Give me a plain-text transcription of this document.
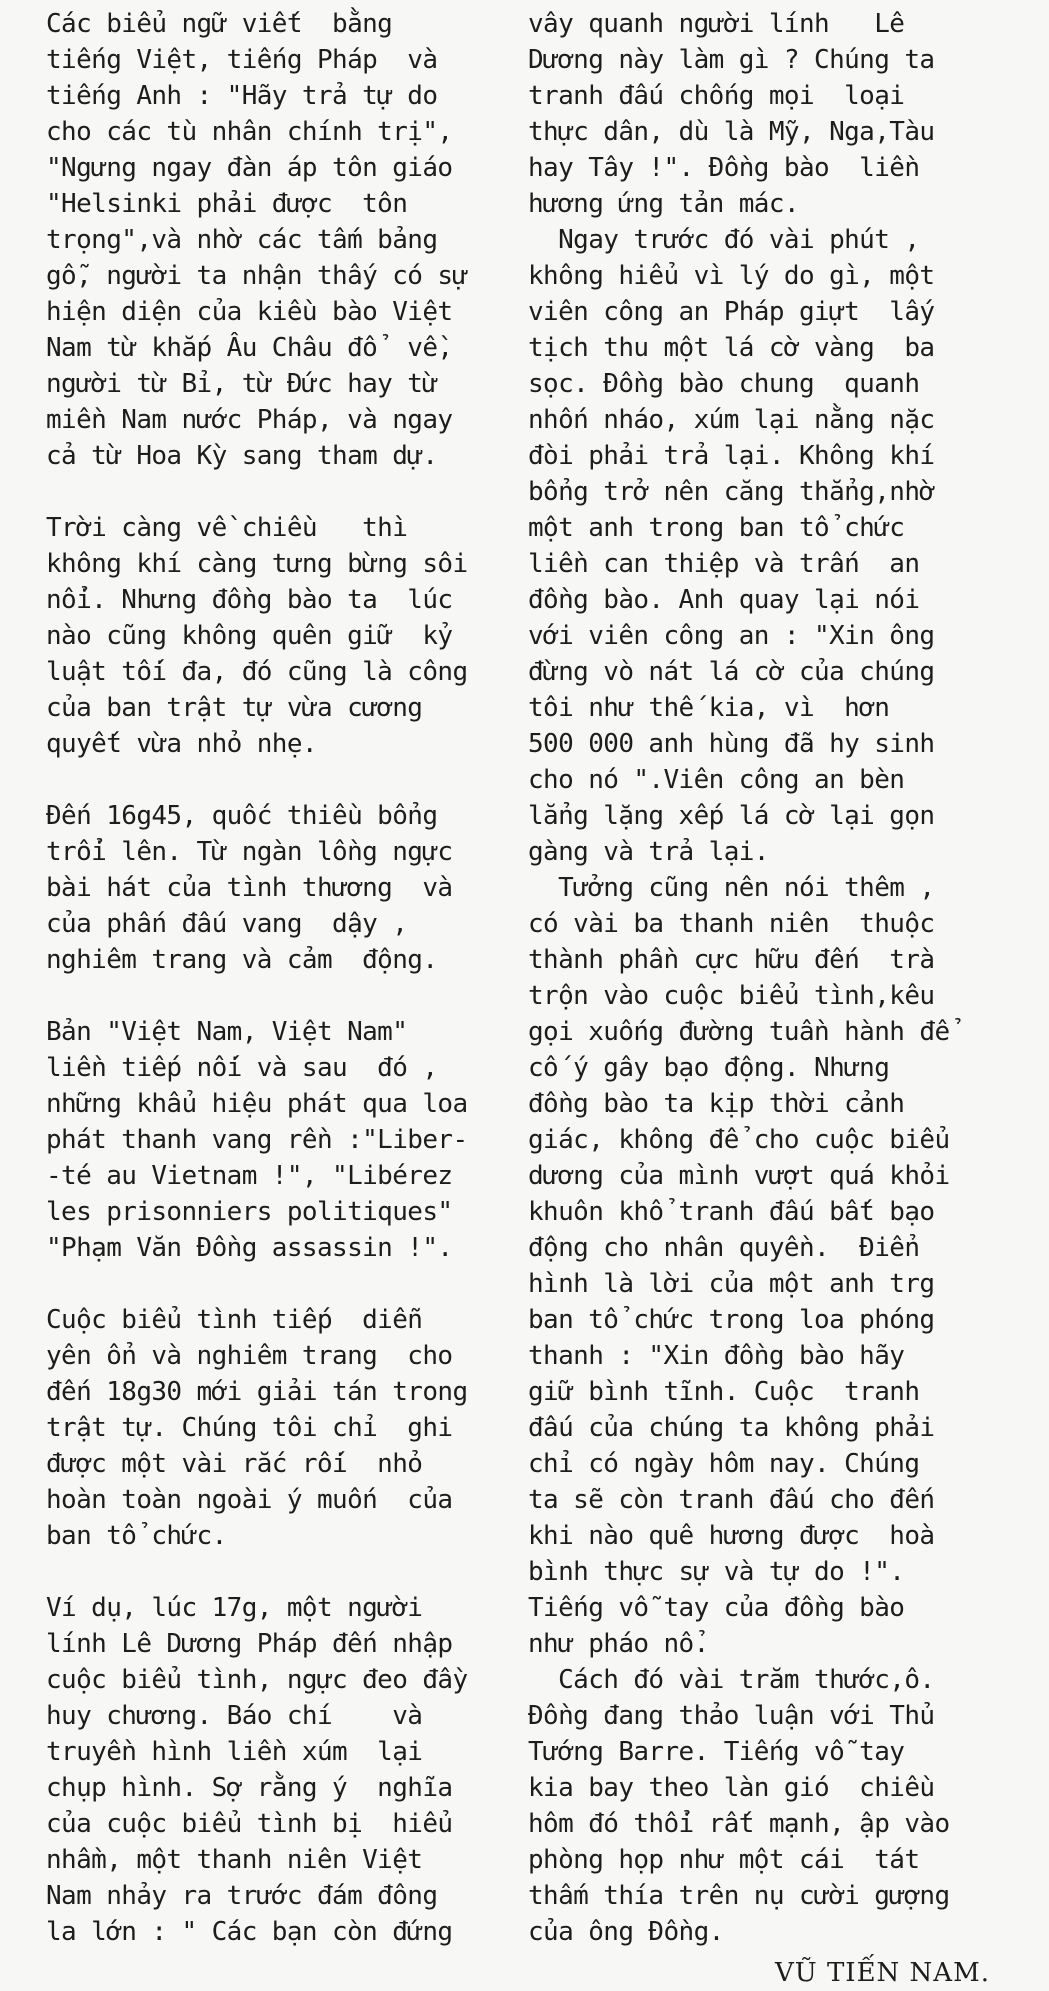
Các biểu ngữ viết  bằng
tiếng Việt, tiếng Pháp  và
tiếng Anh : "Hãy trả tự do
cho các tù nhân chính trị",
"Ngưng ngay đàn áp tôn giáo
"Helsinki phải được  tôn
trọng",và nhờ các tấm bảng
gỗ, người ta nhận thấy có sự
hiện diện của kiều bào Việt
Nam từ khắp Âu Châu đổ  về,
người từ Bỉ, từ Đức hay từ
miền Nam nước Pháp, và ngay
cả từ Hoa Kỳ sang tham dự.
Trời càng về chiều   thì
không khí càng tưng bừng sôi
nổi. Nhưng đồng bào ta  lúc
nào cũng không quên giữ  kỷ
luật tối đa, đó cũng là công
của ban trật tự vừa cương
quyết vừa nhỏ nhẹ.
Đến 16g45, quốc thiều bổng
trổi lên. Từ ngàn lồng ngực
bài hát của tình thương  và
của phấn đấu vang  dậy ,
nghiêm trang và cảm  động.
Bản "Việt Nam, Việt Nam"
liền tiếp nối và sau  đó ,
những khẩu hiệu phát qua loa
phát thanh vang rền :"Liber-
-té au Vietnam !", "Libérez
les prisonniers politiques"
"Phạm Văn Đồng assassin !".
Cuộc biểu tình tiếp  diễn
yên ổn và nghiêm trang  cho
đến 18g30 mới giải tán trong
trật tự. Chúng tôi chỉ  ghi
được một vài rắc rối  nhỏ
hoàn toàn ngoài ý muốn  của
ban tổ chức.
Ví dụ, lúc 17g, một người
lính Lê Dương Pháp đến nhập
cuộc biểu tình, ngực đeo đầy
huy chương. Báo chí    và
truyền hình liền xúm  lại
chụp hình. Sợ rằng ý  nghĩa
của cuộc biểu tình bị  hiểu
nhầm, một thanh niên Việt
Nam nhảy ra trước đám đông
la lớn : " Các bạn còn đứng
vây quanh người lính   Lê
Dương này làm gì ? Chúng ta
tranh đấu chống mọi  loại
thực dân, dù là Mỹ, Nga,Tàu
hay Tây !". Đồng bào  liền
hương ứng tản mác.
Ngay trước đó vài phút ,
không hiểu vì lý do gì, một
viên công an Pháp giựt  lấy
tịch thu một lá cờ vàng  ba
sọc. Đồng bào chung  quanh
nhốn nháo, xúm lại nằng nặc
đòi phải trả lại. Không khí
bổng trở nên căng thẳng,nhờ
một anh trong ban tổ chức
liền can thiệp và trấn  an
đồng bào. Anh quay lại nói
với viên công an : "Xin ông
đừng vò nát lá cờ của chúng
tôi như thế kia, vì  hơn
500 000 anh hùng đã hy sinh
cho nó ".Viên công an bèn
lẳng lặng xếp lá cờ lại gọn
gàng và trả lại.
Tưởng cũng nên nói thêm ,
có vài ba thanh niên  thuộc
thành phần cực hữu đến  trà
trộn vào cuộc biểu tình,kêu
gọi xuống đường tuần hành để
cố ý gây bạo động. Nhưng
đồng bào ta kịp thời cảnh
giác, không để cho cuộc biểu
dương của mình vượt quá khỏi
khuôn khổ tranh đấu bất bạo
động cho nhân quyền.  Điển
hình là lời của một anh trg
ban tổ chức trong loa phóng
thanh : "Xin đồng bào hãy
giữ bình tĩnh. Cuộc  tranh
đấu của chúng ta không phải
chỉ có ngày hôm nay. Chúng
ta sẽ còn tranh đấu cho đến
khi nào quê hương được  hoà
bình thực sự và tự do !".
Tiếng vỗ tay của đồng bào
như pháo nổ.
Cách đó vài trăm thước,ô.
Đồng đang thảo luận với Thủ
Tướng Barre. Tiếng vỗ tay
kia bay theo làn gió  chiều
hôm đó thổi rất mạnh, ập vào
phòng họp như một cái  tát
thấm thía trên nụ cười gượng
của ông Đồng.
VŨ TIẾN NAM.
